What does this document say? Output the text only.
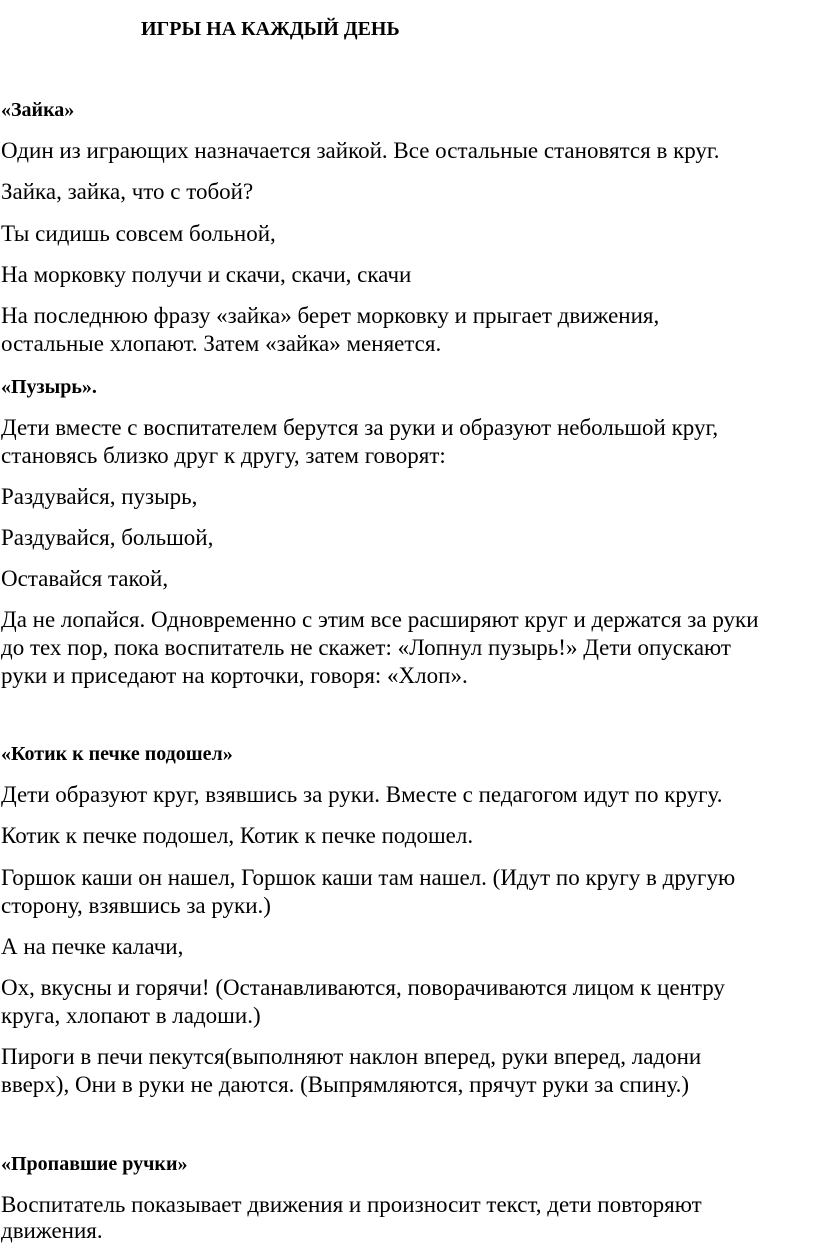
ИГРЫ НА КАЖДЫЙ ДЕНЬ

«Зайка»

Один из играющих назначается зайкой. Все остальные становятся в круг.

Зайка, зайка, что с тобой?

Ты сидишь совсем больной,

На морковку получи и скачи, скачи, скачи

На последнюю фразу «зайка» берет морковку и прыгает движения,

остальные хлопают. Затем «зайка» меняется.

«Пузырь».

Дети вместе с воспитателем берутся за руки и образуют небольшой круг,

становясь близко друг к другу, затем говорят:

Раздувайся, пузырь,

Раздувайся, большой,

Оставайся такой,

Да не лопайся. Одновременно с этим все расширяют круг и держатся за руки

до тех пор, пока воспитатель не скажет: «Лопнул пузырь!» Дети опускают

руки и приседают на корточки, говоря: «Хлоп».

«Котик к печке подошел»

Дети образуют круг, взявшись за руки. Вместе с педагогом идут по кругу.

Котик к печке подошел, Котик к печке подошел.

Горшок каши он нашел, Горшок каши там нашел. (Идут по кругу в другую

сторону, взявшись за руки.)

А на печке калачи,

Ох, вкусны и горячи! (Останавливаются, поворачиваются лицом к центру

круга, хлопают в ладоши.)

Пироги в печи пекутся(выполняют наклон вперед, руки вперед, ладони

вверх), Они в руки не даются. (Выпрямляются, прячут руки за спину.)

«Пропавшие ручки»

Воспитатель показывает движения и произносит текст, дети повторяют

движения.
